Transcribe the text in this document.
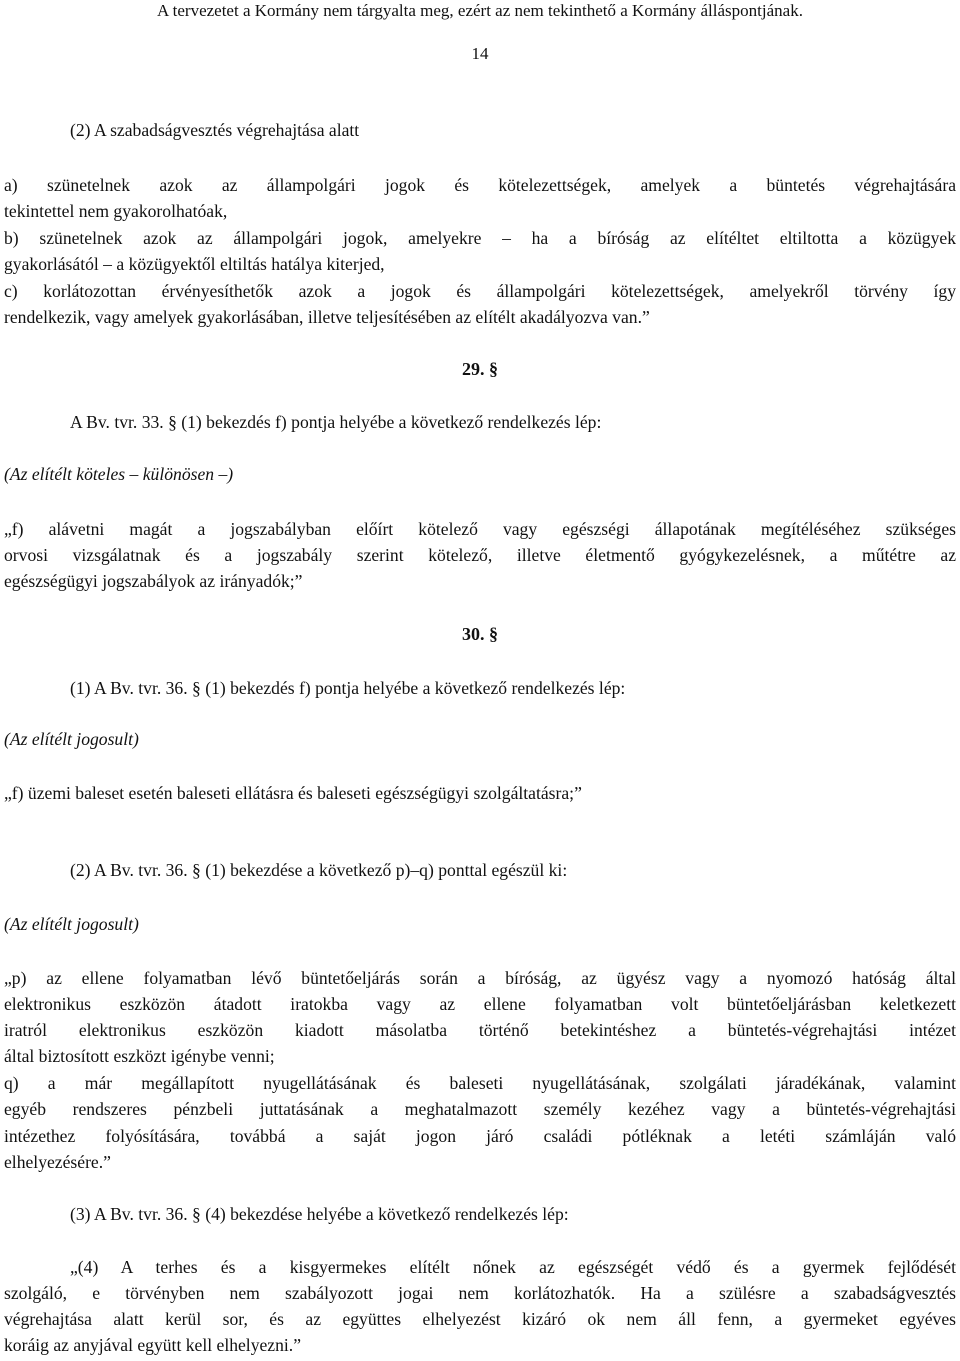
A tervezetet a Kormány nem tárgyalta meg, ezért az nem tekinthető a Kormány álláspontjának.
14
(2) A szabadságvesztés végrehajtása alatt
a) szünetelnek azok az állampolgári jogok és kötelezettségek, amelyek a büntetés végrehajtására
tekintettel nem gyakorolhatóak,
b) szünetelnek azok az állampolgári jogok, amelyekre – ha a bíróság az elítéltet eltiltotta a közügyek
gyakorlásától – a közügyektől eltiltás hatálya kiterjed,
c) korlátozottan érvényesíthetők azok a jogok és állampolgári kötelezettségek, amelyekről törvény így
rendelkezik, vagy amelyek gyakorlásában, illetve teljesítésében az elítélt akadályozva van.”
29. §
A Bv. tvr. 33. § (1) bekezdés f) pontja helyébe a következő rendelkezés lép:
(Az elítélt köteles – különösen –)
„f) alávetni magát a jogszabályban előírt kötelező vagy egészségi állapotának megítéléséhez szükséges
orvosi vizsgálatnak és a jogszabály szerint kötelező, illetve életmentő gyógykezelésnek, a műtétre az
egészségügyi jogszabályok az irányadók;”
30. §
(1) A Bv. tvr. 36. § (1) bekezdés f) pontja helyébe a következő rendelkezés lép:
(Az elítélt jogosult)
„f) üzemi baleset esetén baleseti ellátásra és baleseti egészségügyi szolgáltatásra;”
(2) A Bv. tvr. 36. § (1) bekezdése a következő p)–q) ponttal egészül ki:
(Az elítélt jogosult)
„p) az ellene folyamatban lévő büntetőeljárás során a bíróság, az ügyész vagy a nyomozó hatóság által
elektronikus eszközön átadott iratokba vagy az ellene folyamatban volt büntetőeljárásban keletkezett
iratról elektronikus eszközön kiadott másolatba történő betekintéshez a büntetés-végrehajtási intézet
által biztosított eszközt igénybe venni;
q) a már megállapított nyugellátásának és baleseti nyugellátásának, szolgálati járadékának, valamint
egyéb rendszeres pénzbeli juttatásának a meghatalmazott személy kezéhez vagy a büntetés-végrehajtási
intézethez folyósítására, továbbá a saját jogon járó családi pótléknak a letéti számláján való
elhelyezésére.”
(3) A Bv. tvr. 36. § (4) bekezdése helyébe a következő rendelkezés lép:
„(4) A terhes és a kisgyermekes elítélt nőnek az egészségét védő és a gyermek fejlődését
szolgáló, e törvényben nem szabályozott jogai nem korlátozhatók. Ha a szülésre a szabadságvesztés
végrehajtása alatt kerül sor, és az együttes elhelyezést kizáró ok nem áll fenn, a gyermeket egyéves
koráig az anyjával együtt kell elhelyezni.”
